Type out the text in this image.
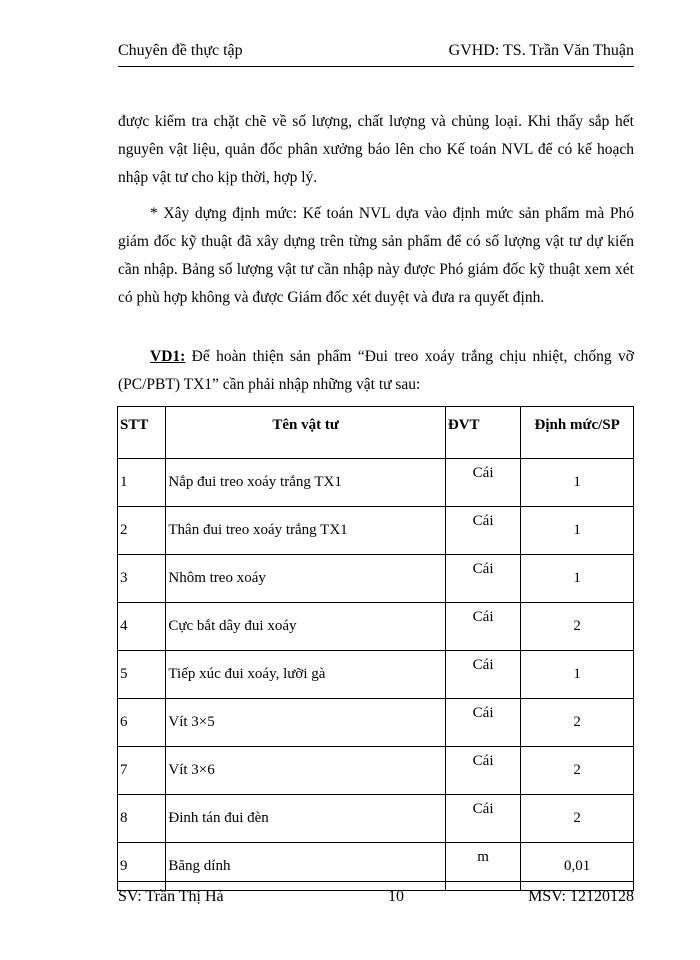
Chuyên đề thực tập	GVHD: TS. Trần Văn Thuận
được kiểm tra chặt chẽ về số lượng, chất lượng và chủng loại. Khi thấy sắp hết nguyên vật liệu, quản đốc phân xưởng báo lên cho Kế toán NVL để có kế hoạch nhập vật tư cho kịp thời, hợp lý.
* Xây dựng định mức: Kế toán NVL dựa vào định mức sản phẩm mà Phó giám đốc kỹ thuật đã xây dựng trên từng sản phẩm để có số lượng vật tư dự kiến cần nhập. Bảng số lượng vật tư cần nhập này được Phó giám đốc kỹ thuật xem xét có phù hợp không và được Giám đốc xét duyệt và đưa ra quyết định.
VD1: Để hoàn thiện sản phẩm “Đui treo xoáy trắng chịu nhiệt, chống vỡ (PC/PBT) TX1” cần phải nhập những vật tư sau:
STT	Tên vật tư	ĐVT	Định mức/SP
1	Nắp đui treo xoáy trắng TX1	Cái	1
2	Thân đui treo xoáy trắng TX1	Cái	1
3	Nhôm treo xoáy	Cái	1
4	Cực bắt dây đui xoáy	Cái	2
5	Tiếp xúc đui xoáy, lưỡi gà	Cái	1
6	Vít 3×5	Cái	2
7	Vít 3×6	Cái	2
8	Đinh tán đui đèn	Cái	2
9	Băng dính	m	0,01
SV: Trần Thị Hà	10	MSV: 12120128
